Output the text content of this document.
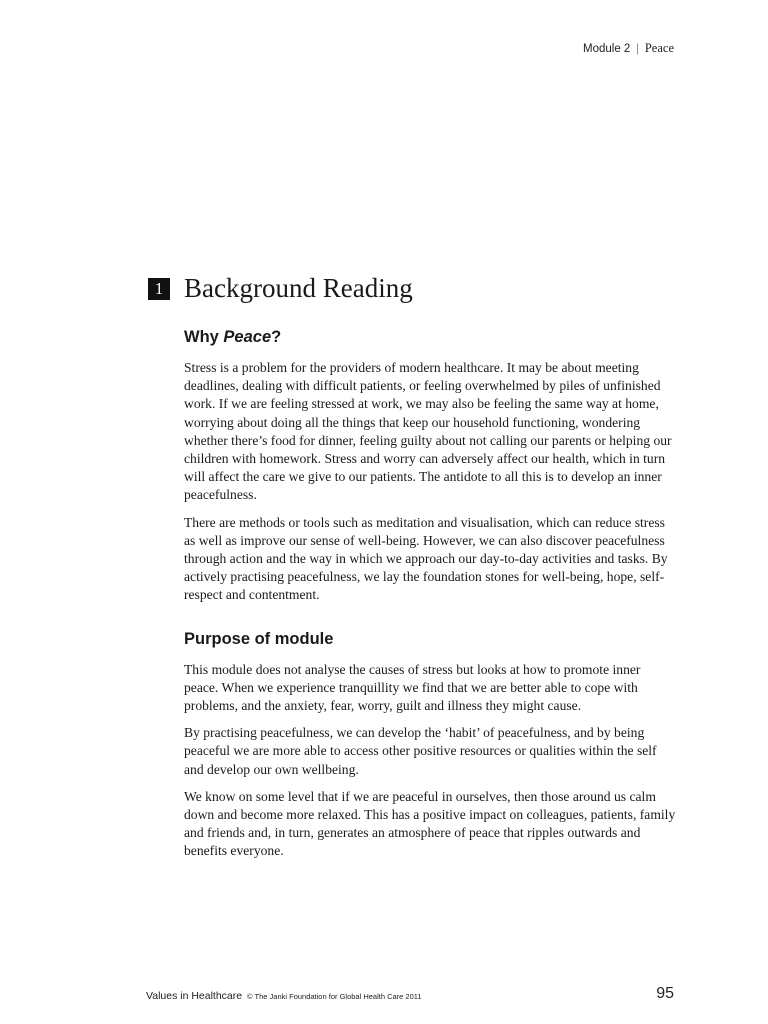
Module 2 | Peace
1 Background Reading
Why Peace?

Stress is a problem for the providers of modern healthcare. It may be about meeting deadlines, dealing with difficult patients, or feeling overwhelmed by piles of unfinished work. If we are feeling stressed at work, we may also be feeling the same way at home, worrying about doing all the things that keep our household functioning, wondering whether there’s food for dinner, feeling guilty about not calling our parents or helping our children with homework. Stress and worry can adversely affect our health, which in turn will affect the care we give to our patients. The antidote to all this is to develop an inner peacefulness.

There are methods or tools such as meditation and visualisation, which can reduce stress as well as improve our sense of well-being. However, we can also discover peacefulness through action and the way in which we approach our day-to-day activities and tasks. By actively practising peacefulness, we lay the foundation stones for well-being, hope, self-respect and contentment.

Purpose of module

This module does not analyse the causes of stress but looks at how to promote inner peace. When we experience tranquillity we find that we are better able to cope with problems, and the anxiety, fear, worry, guilt and illness they might cause.

By practising peacefulness, we can develop the ‘habit’ of peacefulness, and by being peaceful we are more able to access other positive resources or qualities within the self and develop our own wellbeing.

We know on some level that if we are peaceful in ourselves, then those around us calm down and become more relaxed. This has a positive impact on colleagues, patients, family and friends and, in turn, generates an atmosphere of peace that ripples outwards and benefits everyone.

Values in Healthcare © The Janki Foundation for Global Health Care 2011	95
